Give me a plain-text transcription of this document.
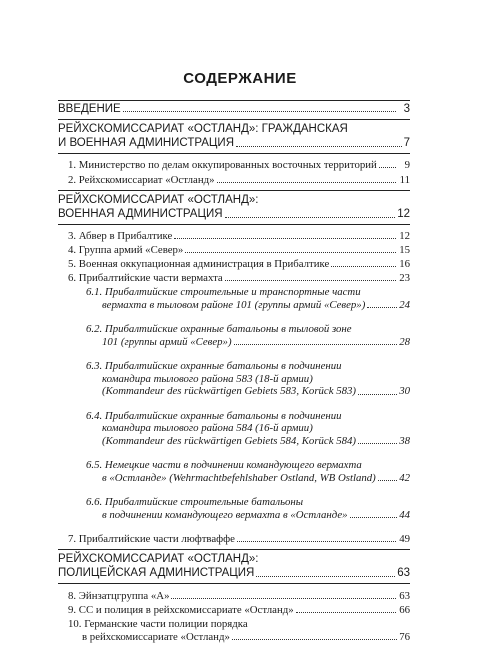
СОДЕРЖАНИЕ
ВВЕДЕНИЕ	3
РЕЙХСКОМИССАРИАТ «ОСТЛАНД»: ГРАЖДАНСКАЯ
И ВОЕННАЯ АДМИНИСТРАЦИЯ	7
1. Министерство по делам оккупированных восточных территорий	9
2. Рейхскомиссариат «Остланд»	11
РЕЙХСКОМИССАРИАТ «ОСТЛАНД»:
ВОЕННАЯ АДМИНИСТРАЦИЯ	12
3. Абвер в Прибалтике	12
4. Группа армий «Север»	15
5. Военная оккупационная администрация в Прибалтике	16
6. Прибалтийские части вермахта	23
6.1. Прибалтийские строительные и транспортные части
вермахта в тыловом районе 101 (группы армий «Север»)	24
6.2. Прибалтийские охранные батальоны в тыловой зоне
101 (группы армий «Север»)	28
6.3. Прибалтийские охранные батальоны в подчинении
командира тылового района 583 (18-й армии)
(Kommandeur des rückwärtigen Gebiets 583, Korück 583)	30
6.4. Прибалтийские охранные батальоны в подчинении
командира тылового района 584 (16-й армии)
(Kommandeur des rückwärtigen Gebiets 584, Korück 584)	38
6.5. Немецкие части в подчинении командующего вермахта
в «Остланде» (Wehrmachtbefehlshaber Ostland, WB Ostland) 42
6.6. Прибалтийские строительные батальоны
в подчинении командующего вермахта в «Остланде»	44
7. Прибалтийские части люфтваффе	49
РЕЙХСКОМИССАРИАТ «ОСТЛАНД»:
ПОЛИЦЕЙСКАЯ АДМИНИСТРАЦИЯ	63
8. Эйнзатцгруппа «А»	63
9. СС и полиция в рейхскомиссариате «Остланд»	66
10. Германские части полиции порядка
в рейхскомиссариате «Остланд»	76
